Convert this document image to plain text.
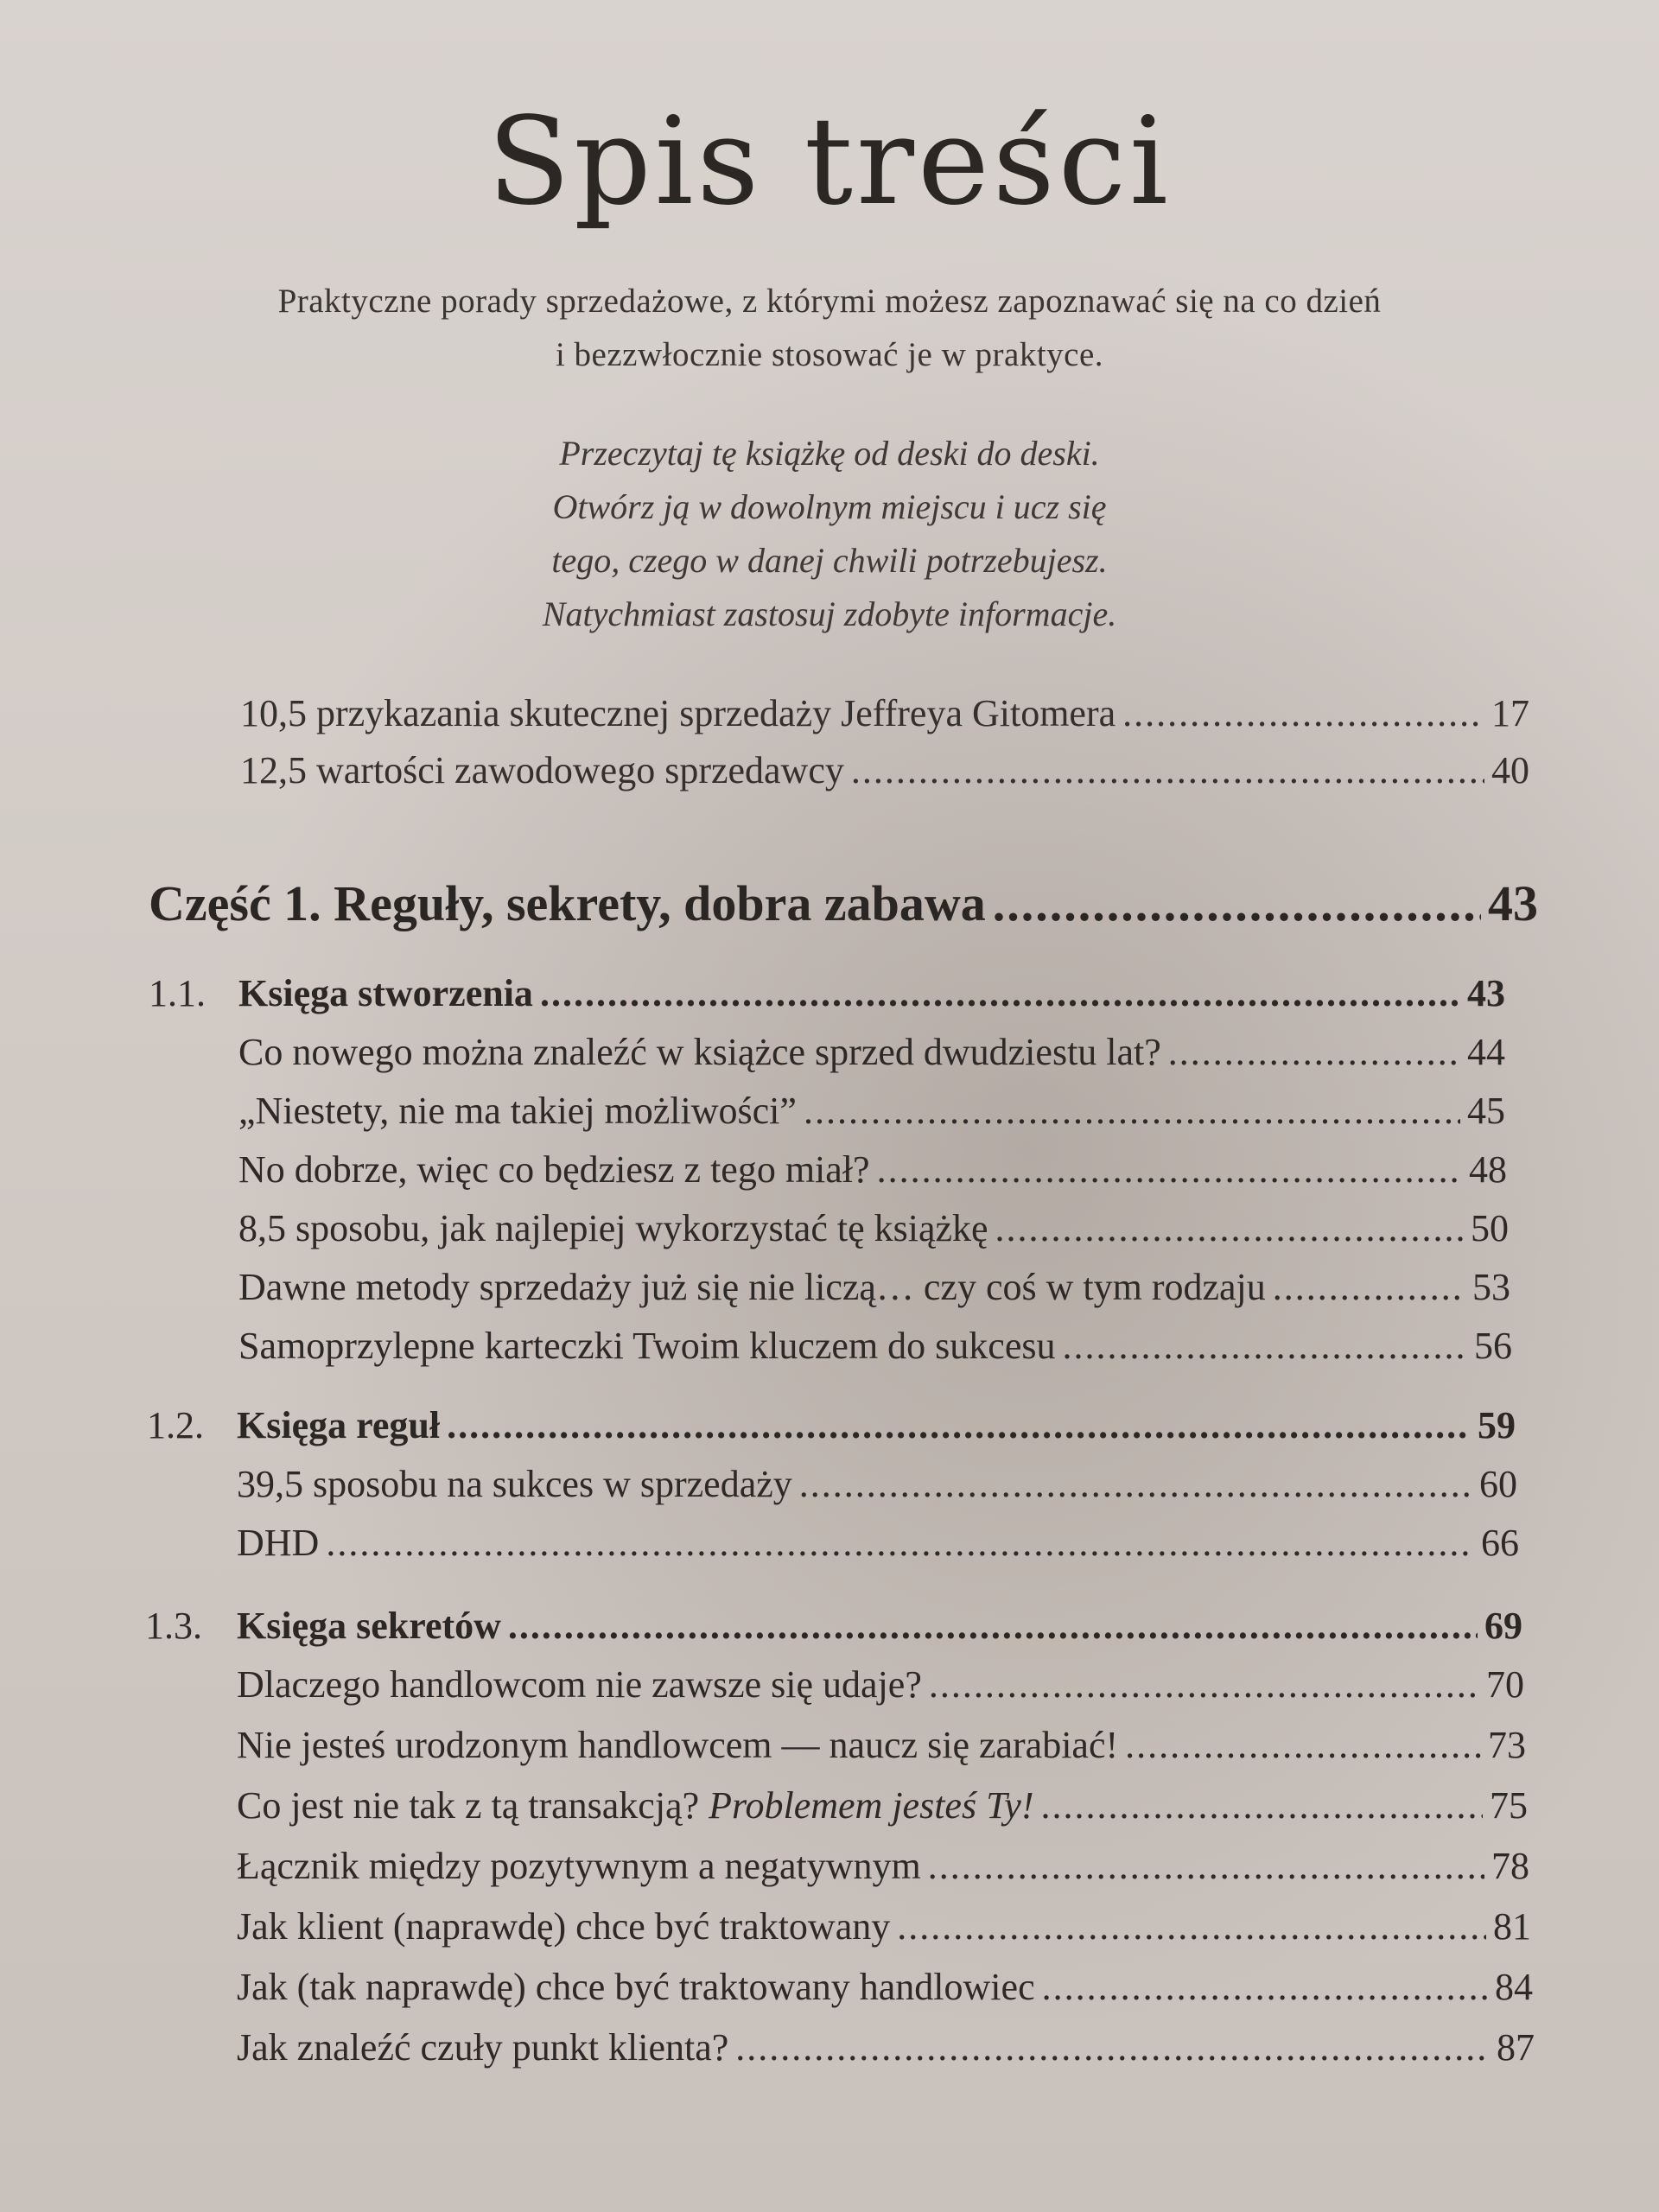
Spis treści
Praktyczne porady sprzedażowe, z którymi możesz zapoznawać się na co dzień
i bezzwłocznie stosować je w praktyce.
Przeczytaj tę książkę od deski do deski.
Otwórz ją w dowolnym miejscu i ucz się
tego, czego w danej chwili potrzebujesz.
Natychmiast zastosuj zdobyte informacje.
10,5 przykazania skutecznej sprzedaży Jeffreya Gitomera .....	17
12,5 wartości zawodowego sprzedawcy .....	40
Część 1. Reguły, sekrety, dobra zabawa .....	43
1.1. Księga stworzenia .....	43
Co nowego można znaleźć w książce sprzed dwudziestu lat? .....	44
„Niestety, nie ma takiej możliwości” .....	45
No dobrze, więc co będziesz z tego miał? .....	48
8,5 sposobu, jak najlepiej wykorzystać tę książkę .....	50
Dawne metody sprzedaży już się nie liczą… czy coś w tym rodzaju .....	53
Samoprzylepne karteczki Twoim kluczem do sukcesu .....	56
1.2. Księga reguł .....	59
39,5 sposobu na sukces w sprzedaży .....	60
DHD .....	66
1.3. Księga sekretów .....	69
Dlaczego handlowcom nie zawsze się udaje? .....	70
Nie jesteś urodzonym handlowcem — naucz się zarabiać! .....	73
Co jest nie tak z tą transakcją? Problemem jesteś Ty! .....	75
Łącznik między pozytywnym a negatywnym .....	78
Jak klient (naprawdę) chce być traktowany .....	81
Jak (tak naprawdę) chce być traktowany handlowiec .....	84
Jak znaleźć czuły punkt klienta? .....	87
